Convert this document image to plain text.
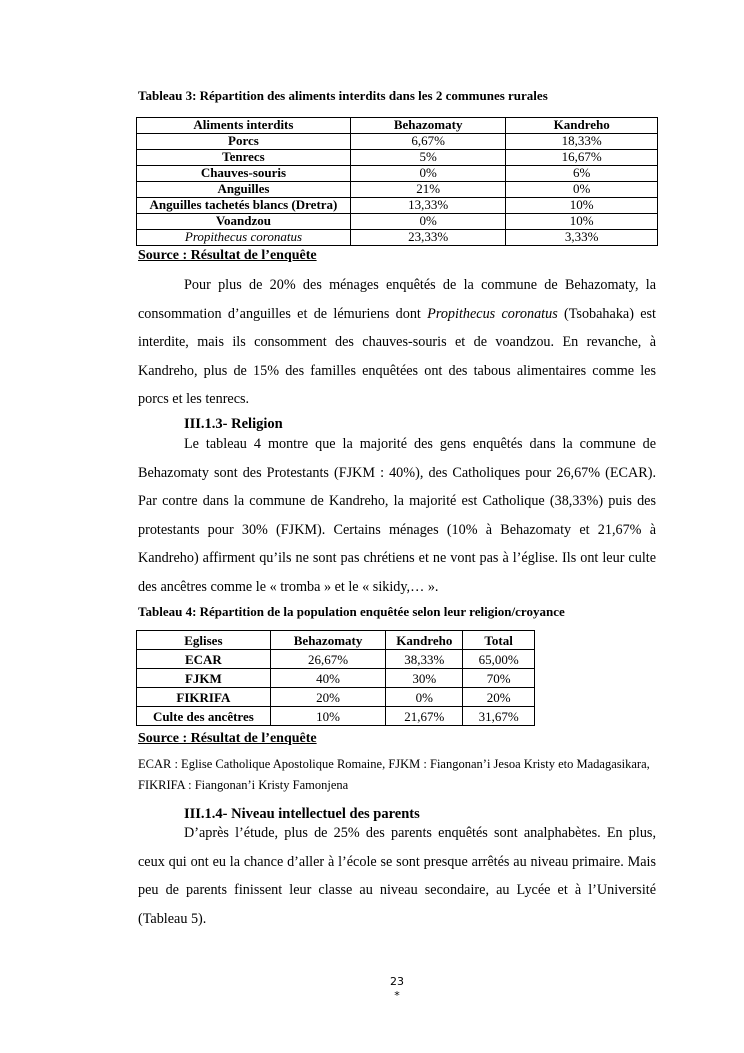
Tableau 3: Répartition des aliments interdits dans les 2 communes rurales
Aliments interdits	Behazomaty	Kandreho
Porcs	6,67%	18,33%
Tenrecs	5%	16,67%
Chauves-souris	0%	6%
Anguilles	21%	0%
Anguilles tachetés blancs (Dretra)	13,33%	10%
Voandzou	0%	10%
Propithecus coronatus	23,33%	3,33%
Source : Résultat de l’enquête

Pour plus de 20% des ménages enquêtés de la commune de Behazomaty, la consommation d’anguilles et de lémuriens dont Propithecus coronatus (Tsobahaka) est interdite, mais ils consomment des chauves-souris et de voandzou. En revanche, à Kandreho, plus de 15% des familles enquêtées ont des tabous alimentaires comme les porcs et les tenrecs.

III.1.3- Religion

Le tableau 4 montre que la majorité des gens enquêtés dans la commune de Behazomaty sont des Protestants (FJKM : 40%), des Catholiques pour 26,67% (ECAR). Par contre dans la commune de Kandreho, la majorité est Catholique (38,33%) puis des protestants pour 30% (FJKM). Certains ménages (10% à Behazomaty et 21,67% à Kandreho) affirment qu’ils ne sont pas chrétiens et ne vont pas à l’église. Ils ont leur culte des ancêtres comme le « tromba » et le « sikidy,… ».

Tableau 4: Répartition de la population enquêtée selon leur religion/croyance
Eglises	Behazomaty	Kandreho	Total
ECAR	26,67%	38,33%	65,00%
FJKM	40%	30%	70%
FIKRIFA	20%	0%	20%
Culte des ancêtres	10%	21,67%	31,67%
Source : Résultat de l’enquête

ECAR : Eglise Catholique Apostolique Romaine, FJKM : Fiangonan’i Jesoa Kristy eto Madagasikara, FIKRIFA : Fiangonan’i Kristy Famonjena

III.1.4- Niveau intellectuel des parents

D’après l’étude, plus de 25% des parents enquêtés sont analphabètes. En plus, ceux qui ont eu la chance d’aller à l’école se sont presque arrêtés au niveau primaire. Mais peu de parents finissent leur classe au niveau secondaire, au Lycée et à l’Université (Tableau 5).

23
*
